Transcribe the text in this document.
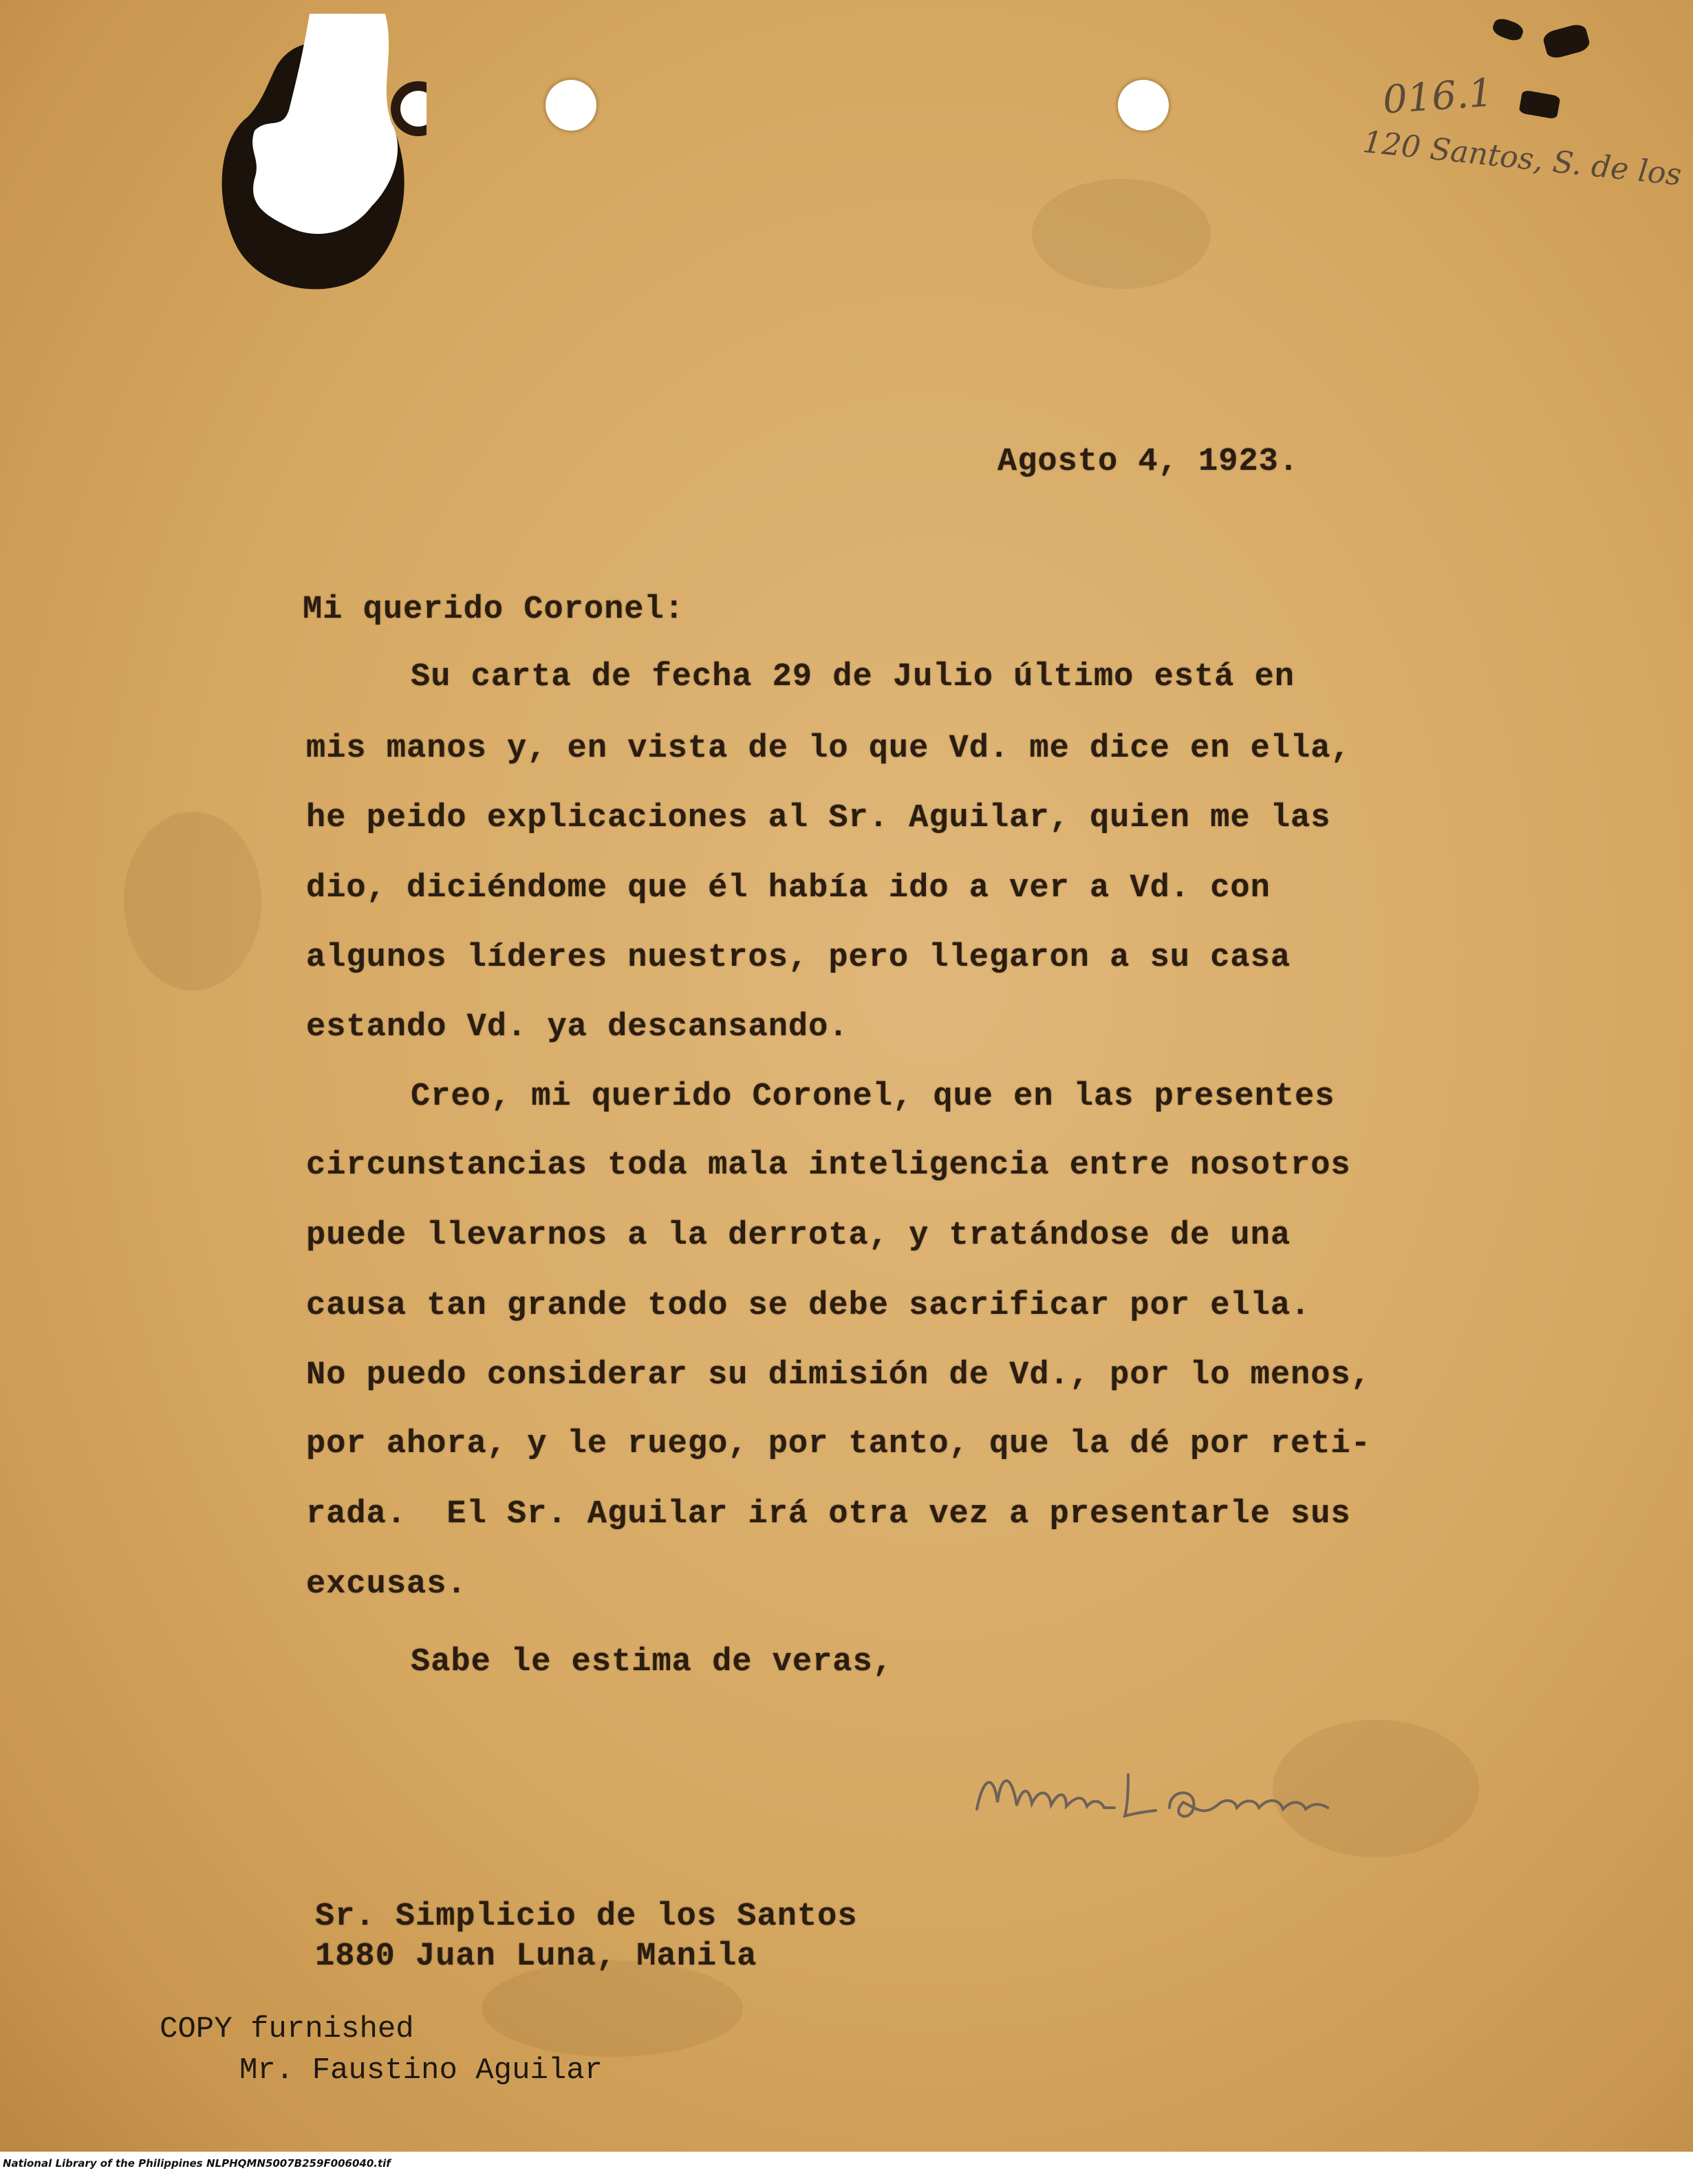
016.1
120 Santos, S. de los
Agosto 4, 1923.
Mi querido Coronel:
Su carta de fecha 29 de Julio último está en
mis manos y, en vista de lo que Vd. me dice en ella,
he peido explicaciones al Sr. Aguilar, quien me las
dio, diciéndome que él había ido a ver a Vd. con
algunos líderes nuestros, pero llegaron a su casa
estando Vd. ya descansando.
Creo, mi querido Coronel, que en las presentes
circunstancias toda mala inteligencia entre nosotros
puede llevarnos a la derrota, y tratándose de una
causa tan grande todo se debe sacrificar por ella.
No puedo considerar su dimisión de Vd., por lo menos,
por ahora, y le ruego, por tanto, que la dé por reti-
rada.  El Sr. Aguilar irá otra vez a presentarle sus
excusas.
Sabe le estima de veras,
Sr. Simplicio de los Santos
1880 Juan Luna, Manila
COPY furnished
Mr. Faustino Aguilar
National Library of the Philippines NLPHQMN5007B259F006040.tif
